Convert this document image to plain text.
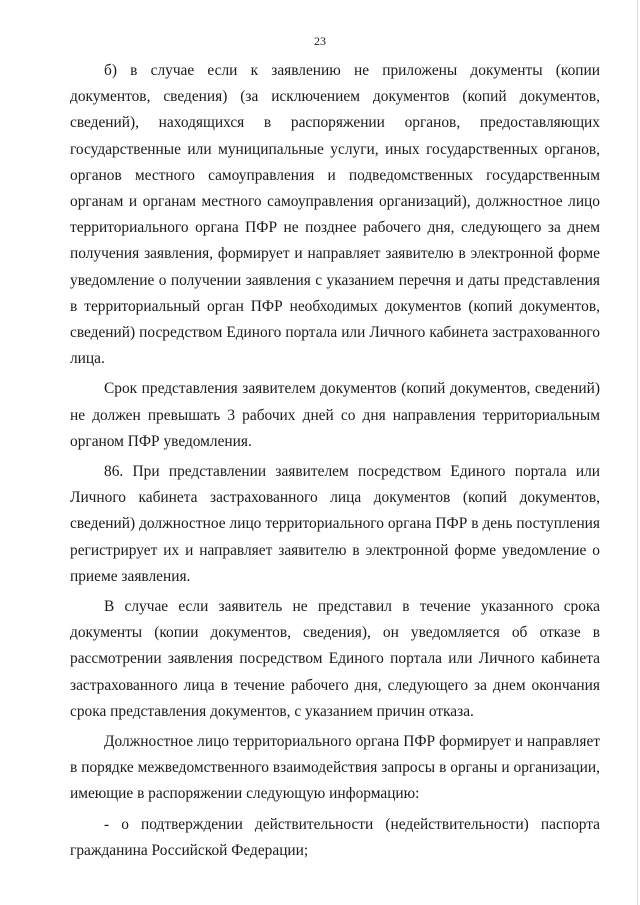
23

б) в случае если к заявлению не приложены документы (копии документов, сведения) (за исключением документов (копий документов, сведений), находящихся в распоряжении органов, предоставляющих государственные или муниципальные услуги, иных государственных органов, органов местного самоуправления и подведомственных государственным органам и органам местного самоуправления организаций), должностное лицо территориального органа ПФР не позднее рабочего дня, следующего за днем получения заявления, формирует и направляет заявителю в электронной форме уведомление о получении заявления с указанием перечня и даты представления в территориальный орган ПФР необходимых документов (копий документов, сведений) посредством Единого портала или Личного кабинета застрахованного лица.

Срок представления заявителем документов (копий документов, сведений) не должен превышать 3 рабочих дней со дня направления территориальным органом ПФР уведомления.

86. При представлении заявителем посредством Единого портала или Личного кабинета застрахованного лица документов (копий документов, сведений) должностное лицо территориального органа ПФР в день поступления регистрирует их и направляет заявителю в электронной форме уведомление о приеме заявления.

В случае если заявитель не представил в течение указанного срока документы (копии документов, сведения), он уведомляется об отказе в рассмотрении заявления посредством Единого портала или Личного кабинета застрахованного лица в течение рабочего дня, следующего за днем окончания срока представления документов, с указанием причин отказа.

Должностное лицо территориального органа ПФР формирует и направляет в порядке межведомственного взаимодействия запросы в органы и организации, имеющие в распоряжении следующую информацию:

- о подтверждении действительности (недействительности) паспорта гражданина Российской Федерации;
